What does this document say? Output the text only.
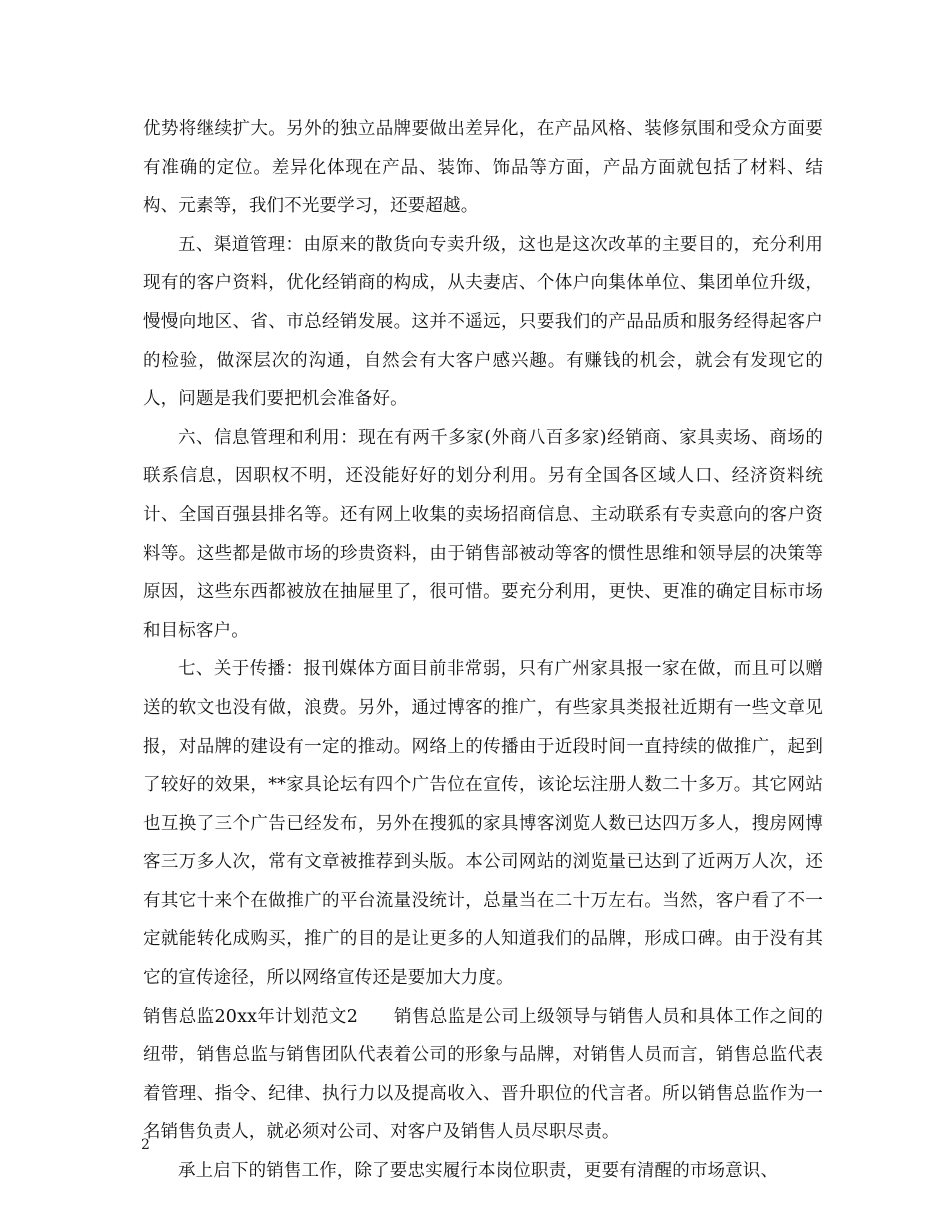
优势将继续扩大。另外的独立品牌要做出差异化，在产品风格、装修氛围和受众方面要有准确的定位。差异化体现在产品、装饰、饰品等方面，产品方面就包括了材料、结构、元素等，我们不光要学习，还要超越。

五、渠道管理：由原来的散货向专卖升级，这也是这次改革的主要目的，充分利用现有的客户资料，优化经销商的构成，从夫妻店、个体户向集体单位、集团单位升级，慢慢向地区、省、市总经销发展。这并不遥远，只要我们的产品品质和服务经得起客户的检验，做深层次的沟通，自然会有大客户感兴趣。有赚钱的机会，就会有发现它的人，问题是我们要把机会准备好。

六、信息管理和利用：现在有两千多家(外商八百多家)经销商、家具卖场、商场的联系信息，因职权不明，还没能好好的划分利用。另有全国各区域人口、经济资料统计、全国百强县排名等。还有网上收集的卖场招商信息、主动联系有专卖意向的客户资料等。这些都是做市场的珍贵资料，由于销售部被动等客的惯性思维和领导层的决策等原因，这些东西都被放在抽屉里了，很可惜。要充分利用，更快、更准的确定目标市场和目标客户。

七、关于传播：报刊媒体方面目前非常弱，只有广州家具报一家在做，而且可以赠送的软文也没有做，浪费。另外，通过博客的推广，有些家具类报社近期有一些文章见报，对品牌的建设有一定的推动。网络上的传播由于近段时间一直持续的做推广，起到了较好的效果，**家具论坛有四个广告位在宣传，该论坛注册人数二十多万。其它网站也互换了三个广告已经发布，另外在搜狐的家具博客浏览人数已达四万多人，搜房网博客三万多人次，常有文章被推荐到头版。本公司网站的浏览量已达到了近两万人次，还有其它十来个在做推广的平台流量没统计，总量当在二十万左右。当然，客户看了不一定就能转化成购买，推广的目的是让更多的人知道我们的品牌，形成口碑。由于没有其它的宣传途径，所以网络宣传还是要加大力度。

销售总监20xx年计划范文2　　销售总监是公司上级领导与销售人员和具体工作之间的纽带，销售总监与销售团队代表着公司的形象与品牌，对销售人员而言，销售总监代表着管理、指令、纪律、执行力以及提高收入、晋升职位的代言者。所以销售总监作为一名销售负责人，就必须对公司、对客户及销售人员尽职尽责。

承上启下的销售工作，除了要忠实履行本岗位职责，更要有清醒的市场意识、

2
